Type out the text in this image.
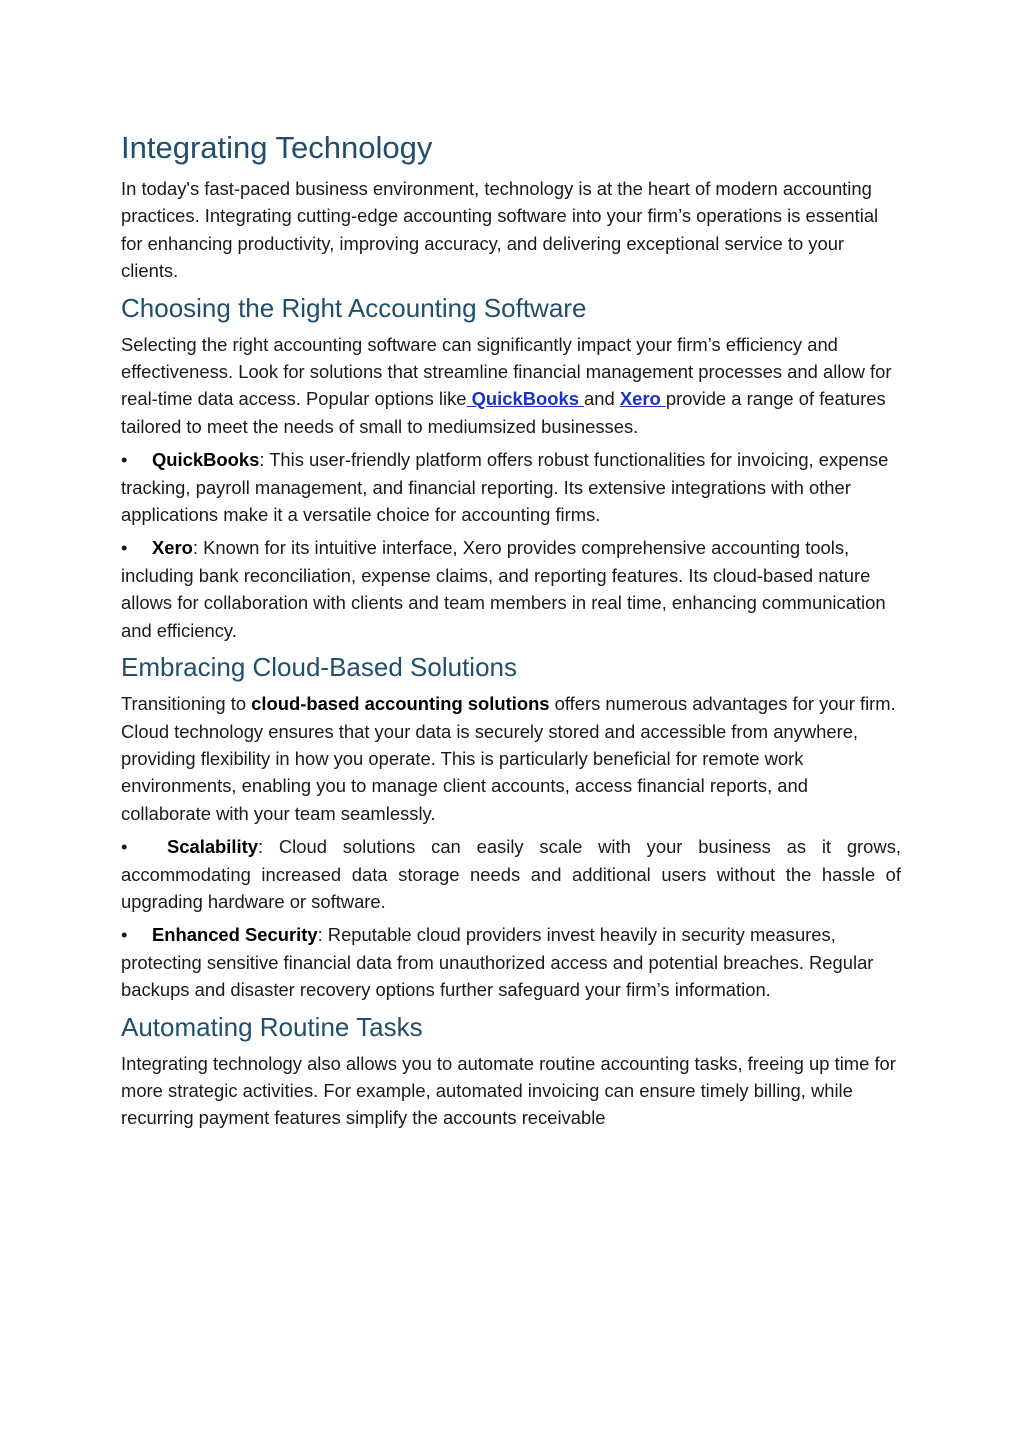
Integrating Technology

In today's fast-paced business environment, technology is at the heart of modern accounting practices. Integrating cutting-edge accounting software into your firm’s operations is essential for enhancing productivity, improving accuracy, and delivering exceptional service to your clients.

Choosing the Right Accounting Software

Selecting the right accounting software can significantly impact your firm’s efficiency and effectiveness. Look for solutions that streamline financial management processes and allow for real-time data access. Popular options like QuickBooks and Xero provide a range of features tailored to meet the needs of small to mediumsized businesses.

• QuickBooks: This user-friendly platform offers robust functionalities for invoicing, expense tracking, payroll management, and financial reporting. Its extensive integrations with other applications make it a versatile choice for accounting firms.

• Xero: Known for its intuitive interface, Xero provides comprehensive accounting tools, including bank reconciliation, expense claims, and reporting features. Its cloud-based nature allows for collaboration with clients and team members in real time, enhancing communication and efficiency.

Embracing Cloud-Based Solutions

Transitioning to cloud-based accounting solutions offers numerous advantages for your firm. Cloud technology ensures that your data is securely stored and accessible from anywhere, providing flexibility in how you operate. This is particularly beneficial for remote work environments, enabling you to manage client accounts, access financial reports, and collaborate with your team seamlessly.

• Scalability: Cloud solutions can easily scale with your business as it grows, accommodating increased data storage needs and additional users without the hassle of upgrading hardware or software.

• Enhanced Security: Reputable cloud providers invest heavily in security measures, protecting sensitive financial data from unauthorized access and potential breaches. Regular backups and disaster recovery options further safeguard your firm’s information.

Automating Routine Tasks

Integrating technology also allows you to automate routine accounting tasks, freeing up time for more strategic activities. For example, automated invoicing can ensure timely billing, while recurring payment features simplify the accounts receivable
